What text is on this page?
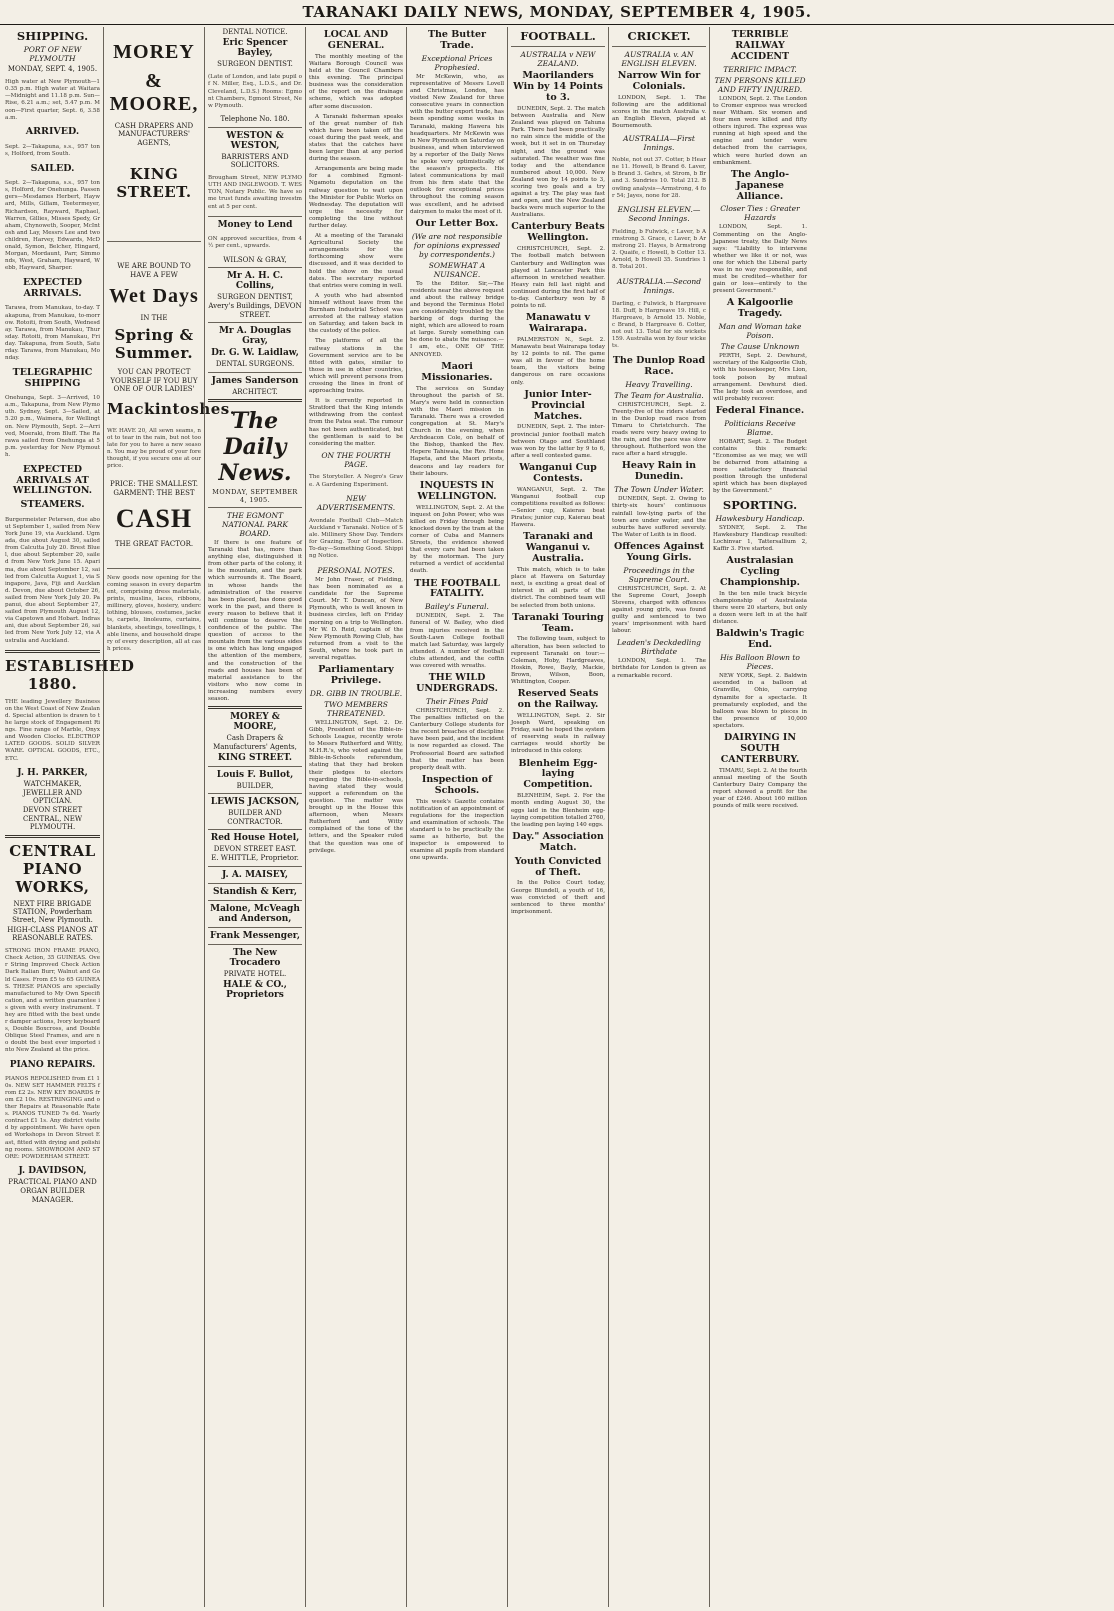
TARANAKI DAILY NEWS, MONDAY, SEPTEMBER 4, 1905.
SHIPPING.
PORT OF NEW PLYMOUTH
MONDAY, SEPT. 4, 1905.

High water at New Plymouth—10.35 p.m. High water at Waitara—Midnight and 11.18 p.m. Sun—Rise, 6.21 a.m.; set, 5.47 p.m. Moon—First quarter, Sept. 6, 3.58 a.m.

ARRIVED.

Sept. 2—Takapuna, s.s., 957 tons, Holford, from South.

SAILED.

Sept. 2—Takapuna, s.s., 957 tons, Holford, for Onehunga. Passengers—Mesdames Herbert, Hayward, Mills, Gillam, Teetermeyer, Richardson, Rayward, Raphael, Warren, Gillies, Misses Spedy, Graham, Chynoweth, Sooper, McIntosh and Lay, Messrs Lee and two children, Harvey, Edwards, McDonald, Symon, Belcher, Hingard, Morgan, Mordaunt, Parr, Simmonds, West, Graham, Hayward, Webb, Hayward, Sharper.

EXPECTED ARRIVALS.

Tarawa, from Manukau, to-day. Takapuna, from Manukau, to-morrow. Rotoiti, from South, Wednesday. Tarawa, from Manukau, Thursday. Rotoiti, from Manukau, Friday. Takapuna, from South, Saturday. Tarawa, from Manukau, Monday.

TELEGRAPHIC SHIPPING

Onehunga, Sept. 3—Arrived, 10 a.m., Takapuna, from New Plymouth. Sydney, Sept. 3—Sailed, at 5.20 p.m., Waimera, for Wellington. New Plymouth, Sept. 2—Arrived, Moeraki, from Bluff. The Rarawa sailed from Onehunga at 5 p.m. yesterday for New Plymouth.

EXPECTED ARRIVALS AT WELLINGTON.
STEAMERS.

Burgermeister Petersen, due about September 1, sailed from New York June 19, via Auckland. Ugmada, due about August 30, sailed from Calcutta July 20. Brest Bluel, due about September 20, sailed from New York June 15. Aparima, due about September 12, sailed from Calcutta August 1, via Singapore, Java, Fiji and Auckland. Devon, due about October 26, sailed from New York July 20. Papanui, due about September 27, sailed from Plymouth August 12, via Capetown and Hobart. Indrasani, due about September 26, sailed from New York July 12, via Australia and Auckland.

ESTABLISHED 1880.

THE leading Jewellery Business on the West Coast of New Zealand. Special attention is drawn to the large stock of Engagement Rings. Fine range of Marble, Onyx and Wooden Clocks. ELECTROPLATED GOODS. SOLID SILVER WARE. OPTICAL GOODS, ETC., ETC.

J. H. PARKER,
WATCHMAKER, JEWELLER AND OPTICIAN.
DEVON STREET CENTRAL, NEW PLYMOUTH.
CENTRAL PIANO WORKS,
NEXT FIRE BRIGADE STATION, Powderham Street, New Plymouth.
HIGH-CLASS PIANOS AT REASONABLE RATES.

STRONG IRON FRAME PIANO, Check Action, 35 GUINEAS. Over String Improved Check Action Dark Italian Burr, Walnut and Gold Cases. From £5 to 65 GUINEAS. THESE PIANOS are specially manufactured to My Own Specification, and a written guarantee is given with every instrument. They are fitted with the best under damper actions, Ivory keyboards, Double Boxcross, and Double Oblique Steel Frames, and are no doubt the best ever imported into New Zealand at the price.

PIANO REPAIRS.

PIANOS REPOLISHED from £1 10s. NEW SET HAMMER FELTS from £2 2s. NEW KEY BOARDS from £2 10s. RESTRINGING and other Repairs at Reasonable Rates. PIANOS TUNED 7s 6d. Yearly contract £1 1s. Any district visited by appointment. We have opened Workshops in Devon Street East, fitted with drying and polishing rooms. SHOWROOM AND STORE: POWDERHAM STREET.

J. DAVIDSON,
PRACTICAL PIANO AND ORGAN BUILDER
MANAGER.
MOREY
& MOORE,
CASH DRAPERS AND MANUFACTURERS' AGENTS,
KING STREET.
WE ARE BOUND TO HAVE A FEW
Wet Days
IN THE
Spring & Summer.
YOU CAN PROTECT YOURSELF IF YOU BUY ONE OF OUR LADIES'
Mackintoshes.

WE HAVE 20, All sewn seams, not to tear in the rain, but not too late for you to have a new season. You may be proud of your forethought, if you secure one at our price.

PRICE: THE SMALLEST.
GARMENT: THE BEST
CASH
THE GREAT FACTOR.

New goods now opening for the coming season in every department, comprising dress materials, prints, muslins, laces, ribbons, millinery, gloves, hosiery, underclothing, blouses, costumes, jackets, carpets, linoleums, curtains, blankets, sheetings, towellings, table linens, and household drapery of every description, all at cash prices.

DENTAL NOTICE.
Eric Spencer Bayley,
SURGEON DENTIST.

(Late of London, and late pupil of N. Miller, Esq., L.D.S., and Dr. Cleveland, L.D.S.) Rooms: Egmont Chambers, Egmont Street, New Plymouth.

Telephone No. 180.
WESTON & WESTON,
BARRISTERS AND SOLICITORS.

Brougham Street, NEW PLYMOUTH AND INGLEWOOD. T. WESTON, Notary Public. We have some trust funds awaiting investment at 5 per cent.

Money to Lend

ON approved securities, from 4½ per cent., upwards.

WILSON & GRAY,
Mr A. H. C. Collins,
SURGEON DENTIST,
Avery's Buildings, DEVON STREET.
Mr A. Douglas Gray,
Dr. G. W. Laidlaw,
DENTAL SURGEONS.
James Sanderson
ARCHITECT.
The Daily News.
MONDAY, SEPTEMBER 4, 1905.
THE EGMONT NATIONAL PARK BOARD.

If there is one feature of Taranaki that has, more than anything else, distinguished it from other parts of the colony, it is the mountain, and the park which surrounds it. The Board, in whose hands the administration of the reserve has been placed, has done good work in the past, and there is every reason to believe that it will continue to deserve the confidence of the public. The question of access to the mountain from the various sides is one which has long engaged the attention of the members, and the construction of the roads and houses has been of material assistance to the visitors who now come in increasing numbers every season.

MOREY & MOORE,
Cash Drapers & Manufacturers' Agents,
KING STREET.
Louis F. Bullot,
BUILDER,
LEWIS JACKSON,
BUILDER AND CONTRACTOR.
Red House Hotel,
DEVON STREET EAST.
E. WHITTLE, Proprietor.
J. A. MAISEY,
Standish & Kerr,
Malone, McVeagh and Anderson,
Frank Messenger,
The New Trocadero
PRIVATE HOTEL.
HALE & CO., Proprietors
LOCAL AND GENERAL.

The monthly meeting of the Waitara Borough Council was held at the Council Chambers this evening. The principal business was the consideration of the report on the drainage scheme, which was adopted after some discussion.

A Taranaki fisherman speaks of the great number of fish which have been taken off the coast during the past week, and states that the catches have been larger than at any period during the season.

Arrangements are being made for a combined Egmont-Ngamotu deputation on the railway question to wait upon the Minister for Public Works on Wednesday. The deputation will urge the necessity for completing the line without further delay.

At a meeting of the Taranaki Agricultural Society the arrangements for the forthcoming show were discussed, and it was decided to hold the show on the usual dates. The secretary reported that entries were coming in well.

A youth who had absented himself without leave from the Burnham Industrial School was arrested at the railway station on Saturday, and taken back in the custody of the police.

The platforms of all the railway stations in the Government service are to be fitted with gates, similar to those in use in other countries, which will prevent persons from crossing the lines in front of approaching trains.

It is currently reported in Stratford that the King intends withdrawing from the contest from the Patea seat. The rumour has not been authenticated, but the gentleman is said to be considering the matter.

ON THE FOURTH PAGE.

The Storyteller. A Negro's Grave. A Gardening Experiment.

NEW ADVERTISEMENTS.

Avondale Football Club—Match Auckland v Taranaki. Notice of Sale. Millinery Show Day. Tenders for Grazing. Tour of Inspection. To-day—Something Good. Shipping Notice.

PERSONAL NOTES.

Mr John Fraser, of Fielding, has been nominated as a candidate for the Supreme Court. Mr T. Duncan, of New Plymouth, who is well known in business circles, left on Friday morning on a trip to Wellington. Mr W. D. Reid, captain of the New Plymouth Rowing Club, has returned from a visit to the South, where he took part in several regattas.

Parliamentary Privilege.
DR. GIBB IN TROUBLE.
TWO MEMBERS THREATENED.

WELLINGTON, Sept. 2. Dr. Gibb, President of the Bible-in-Schools League, recently wrote to Messrs Rutherford and Witty, M.H.R.'s, who voted against the Bible-in-Schools referendum, stating that they had broken their pledges to electors regarding the Bible-in-schools, having stated they would support a referendum on the question. The matter was brought up in the House this afternoon, when Messrs Rutherford and Witty complained of the tone of the letters, and the Speaker ruled that the question was one of privilege.

The Butter Trade.
Exceptional Prices Prophesied.

Mr McKewin, who, as representative of Messrs Lovell and Christmas, London, has visited New Zealand for three consecutive years in connection with the butter export trade, has been spending some weeks in Taranaki, making Hawera his headquarters. Mr McKewin was in New Plymouth on Saturday on business, and when interviewed by a reporter of the Daily News he spoke very optimistically of the season's prospects. His latest communications by mail from his firm state that the outlook for exceptional prices throughout the coming season was excellent, and he advised dairymen to make the most of it.

Our Letter Box.
(We are not responsible for opinions expressed by correspondents.)
SOMEWHAT A NUISANCE.

To the Editor. Sir,—The residents near the above request and about the railway bridge and beyond the Terminus Hotel are considerably troubled by the barking of dogs during the night, which are allowed to roam at large. Surely something can be done to abate the nuisance.—I am, etc., ONE OF THE ANNOYED.

Maori Missionaries.

The services on Sunday throughout the parish of St. Mary's were held in connection with the Maori mission in Taranaki. There was a crowded congregation at St. Mary's Church in the evening, when Archdeacon Cole, on behalf of the Bishop, thanked the Rev. Hepere Tahiwaia, the Rev. Hone Hapeta, and the Maori priests, deacons and lay readers for their labours.

INQUESTS IN WELLINGTON.

WELLINGTON, Sept. 2. At the inquest on John Power, who was killed on Friday through being knocked down by the tram at the corner of Cuba and Manners Streets, the evidence showed that every care had been taken by the motorman. The jury returned a verdict of accidental death.

THE FOOTBALL FATALITY.
Bailey's Funeral.

DUNEDIN, Sept. 2. The funeral of W. Bailey, who died from injuries received in the South-Lawn College football match last Saturday, was largely attended. A number of football clubs attended, and the coffin was covered with wreaths.

THE WILD UNDERGRADS.
Their Fines Paid

CHRISTCHURCH, Sept. 2. The penalties inflicted on the Canterbury College students for the recent breaches of discipline have been paid, and the incident is now regarded as closed. The Professorial Board are satisfied that the matter has been properly dealt with.

Inspection of Schools.

This week's Gazette contains notification of an appointment of regulations for the inspection and examination of schools. The standard is to be practically the same as hitherto, but the inspector is empowered to examine all pupils from standard one upwards.

FOOTBALL.
AUSTRALIA v NEW ZEALAND.
Maorilanders Win by 14 Points to 3.

DUNEDIN, Sept. 2. The match between Australia and New Zealand was played on Tahuna Park. There had been practically no rain since the middle of the week, but it set in on Thursday night, and the ground was saturated. The weather was fine today and the attendance numbered about 10,000. New Zealand won by 14 points to 3, scoring two goals and a try against a try. The play was fast and open, and the New Zealand backs were much superior to the Australians.

Canterbury Beats Wellington.

CHRISTCHURCH, Sept. 2. The football match between Canterbury and Wellington was played at Lancaster Park this afternoon in wretched weather. Heavy rain fell last night and continued during the first half of to-day. Canterbury won by 8 points to nil.

Manawatu v Wairarapa.

PALMERSTON N., Sept. 2. Manawatu beat Wairarapa today by 12 points to nil. The game was all in favour of the home team, the visitors being dangerous on rare occasions only.

Junior Inter-Provincial Matches.

DUNEDIN, Sept. 2. The inter-provincial junior football match between Otago and Southland was won by the latter by 9 to 6, after a well contested game.

Wanganui Cup Contests.

WANGANUI, Sept. 2. The Wanganui football cup competitions resulted as follows:—Senior cup, Kaierau beat Pirates; junior cup, Kaierau beat Hawera.

Taranaki and Wanganui v. Australia.

This match, which is to take place at Hawera on Saturday next, is exciting a great deal of interest in all parts of the district. The combined team will be selected from both unions.

Taranaki Touring Team.

The following team, subject to alteration, has been selected to represent Taranaki on tour:—Coleman, Hoby, Hardgreaves, Hoskin, Rowe, Bayly, Mackie, Brown, Wilson, Boon, Whittington, Cooper.

Reserved Seats on the Railway.

WELLINGTON, Sept. 2. Sir Joseph Ward, speaking on Friday, said he hoped the system of reserving seats in railway carriages would shortly be introduced in this colony.

Blenheim Egg-laying Competition.

BLENHEIM, Sept. 2. For the month ending August 30, the eggs laid in the Blenheim egg-laying competition totalled 2760, the leading pen laying 140 eggs.

Day." Association Match.
Youth Convicted of Theft.

In the Police Court today, George Blundell, a youth of 16, was convicted of theft and sentenced to three months' imprisonment.

CRICKET.
AUSTRALIA v. AN ENGLISH ELEVEN.
Narrow Win for Colonials.

LONDON, Sept. 1. The following are the additional scores in the match Australia v. an English Eleven, played at Bournemouth.

AUSTRALIA—First Innings.

Noble, not out 37. Cotter, b Hearne 11. Howell, b Brand 6. Laver, b Brand 3. Gehrs, st Strom, b Brand 3. Sundries 10. Total 212. Bowling analysis—Armstrong, 4 for 54; Jayes, none for 28.

ENGLISH ELEVEN.—Second Innings.

Fielding, b Fulwick, c Laver, b Armstrong 3. Grace, c Laver, b Armstrong 21. Hayes, b Armstrong 2. Quaife, c Howell, b Cotter 13. Arnold, b Howell 35. Sundries 18. Total 201.

AUSTRALIA.—Second Innings.

Darling, c Fulwick, b Hargreave 18. Duff, b Hargreave 19. Hill, c Hargreave, b Arnold 15. Noble, c Brand, b Hargreave 6. Cotter, not out 13. Total for six wickets 159. Australia won by four wickets.

The Dunlop Road Race.
Heavy Travelling.
The Team for Australia.

CHRISTCHURCH, Sept. 2. Twenty-five of the riders started in the Dunlop road race from Timaru to Christchurch. The roads were very heavy owing to the rain, and the pace was slow throughout. Rutherford won the race after a hard struggle.

Heavy Rain in Dunedin.
The Town Under Water.

DUNEDIN, Sept. 2. Owing to thirty-six hours' continuous rainfall low-lying parts of the town are under water, and the suburbs have suffered severely. The Water of Leith is in flood.

Offences Against Young Girls.
Proceedings in the Supreme Court.

CHRISTCHURCH, Sept. 2. At the Supreme Court, Joseph Stevens, charged with offences against young girls, was found guilty and sentenced to two years' imprisonment with hard labour.

Leaden's Deckdedling Birthdate

LONDON, Sept. 1. The birthdate for London is given as a remarkable record.

TERRIBLE RAILWAY ACCIDENT
TERRIFIC IMPACT.
TEN PERSONS KILLED AND FIFTY INJURED.

LONDON, Sept. 2. The London to Cromer express was wrecked near Witham. Six women and four men were killed and fifty others injured. The express was running at high speed and the engine and tender were detached from the carriages, which were hurled down an embankment.

The Anglo-Japanese Alliance.
Closer Ties : Greater Hazards

LONDON, Sept. 1. Commenting on the Anglo-Japanese treaty, the Daily News says: "Liability to intervene whether we like it or not, was one for which the Liberal party was in no way responsible, and must be credited—whether for gain or loss—entirely to the present Government."

A Kalgoorlie Tragedy.
Man and Woman take Poison.
The Cause Unknown

PERTH, Sept. 2. Dewhurst, secretary of the Kalgoorlie Club, with his housekeeper, Mrs Lion, took poison by mutual arrangement. Dewhurst died. The lady took an overdose, and will probably recover.

Federal Finance.
Politicians Receive Blame.

HOBART, Sept. 2. The Budget contains this remark: "Economise as we may, we will be debarred from attaining a more satisfactory financial position through the unfederal spirit which has been displayed by the Government."

SPORTING.
Hawkesbury Handicap.

SYDNEY, Sept. 2. The Hawkesbury Handicap resulted: Lochinvar 1, Tattersallium 2, Kaffir 3. Five started.

Australasian Cycling Championship.

In the ten mile track bicycle championship of Australasia there were 20 starters, but only a dozen were left in at the half distance.

Baldwin's Tragic End.
His Balloon Blown to Pieces.

NEW YORK, Sept. 2. Baldwin ascended in a balloon at Granville, Ohio, carrying dynamite for a spectacle. It prematurely exploded, and the balloon was blown to pieces in the presence of 10,000 spectators.

DAIRYING IN SOUTH CANTERBURY.

TIMARU, Sept. 2. At the fourth annual meeting of the South Canterbury Dairy Company the report showed a profit for the year of £246. About 160 million pounds of milk were received.
